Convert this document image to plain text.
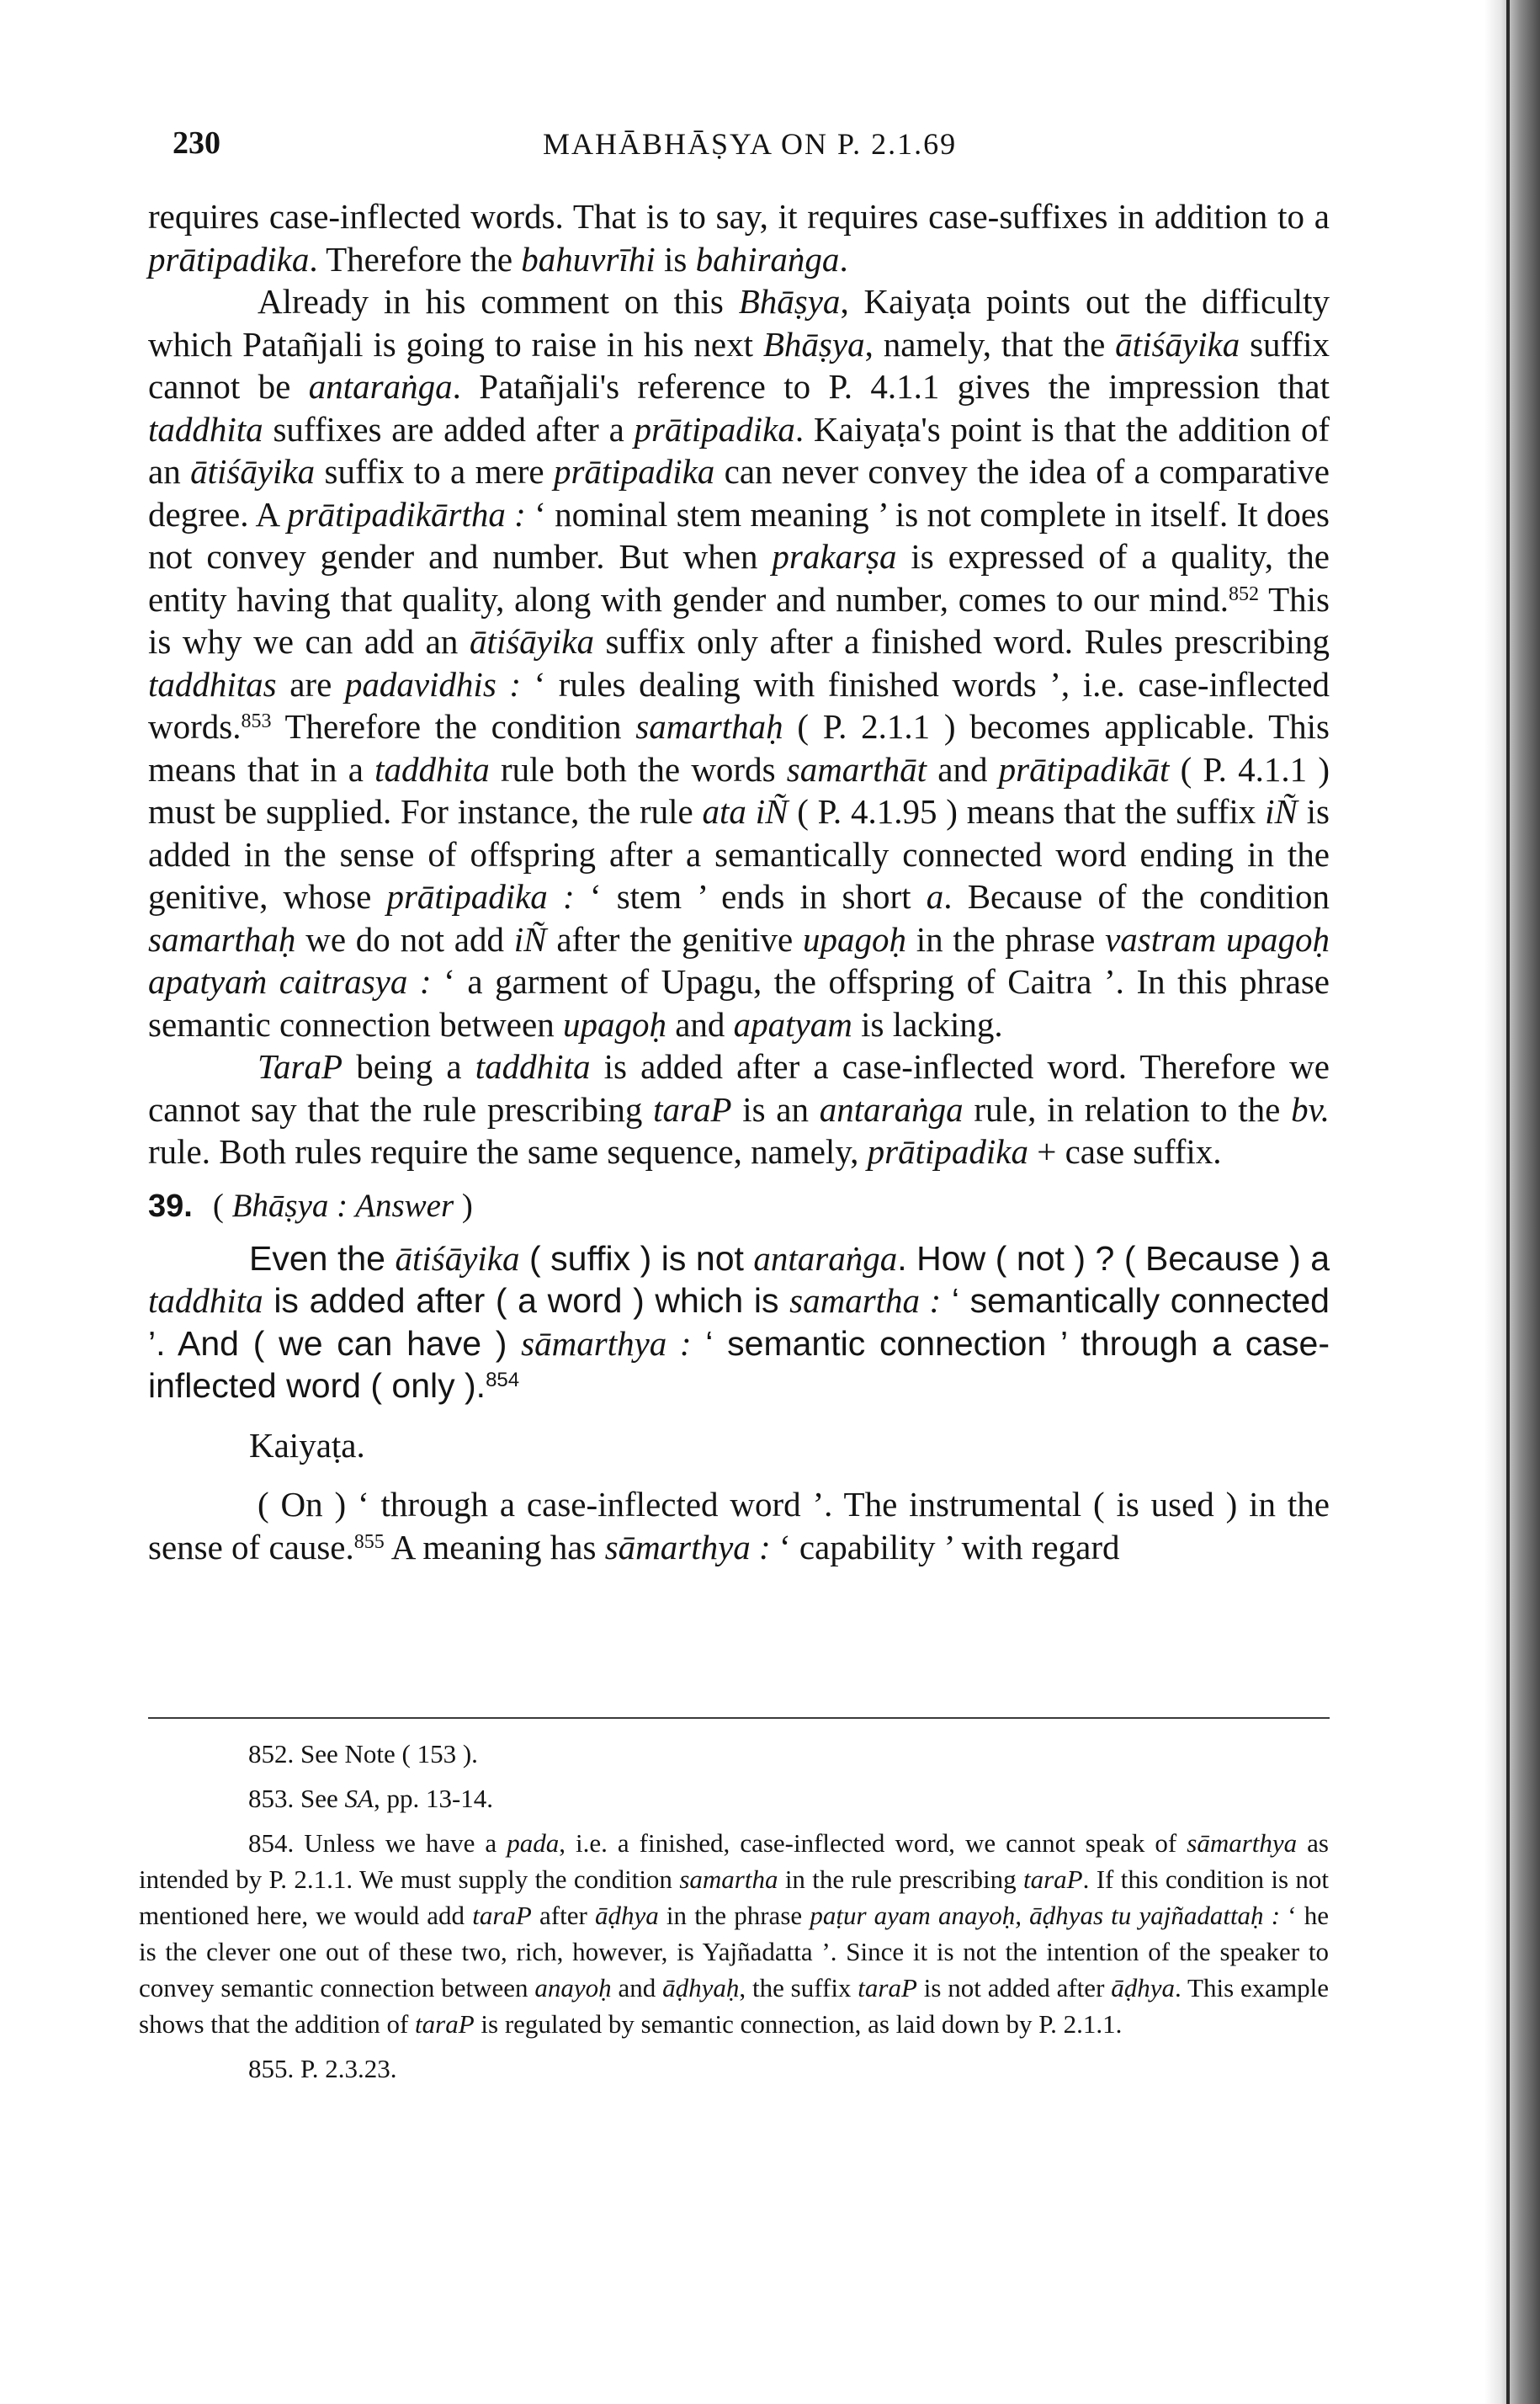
230	MAHĀBHĀṢYA ON P. 2.1.69

requires case-inflected words. That is to say, it requires case-suffixes in addition to a prātipadika. Therefore the bahuvrīhi is bahiraṅga.

Already in his comment on this Bhāṣya, Kaiyaṭa points out the difficulty which Patañjali is going to raise in his next Bhāṣya, namely, that the ātiśāyika suffix cannot be antaraṅga. Patañjali's reference to P. 4.1.1 gives the impression that taddhita suffixes are added after a prātipadika. Kaiyaṭa's point is that the addition of an ātiśāyika suffix to a mere prātipadika can never convey the idea of a comparative degree. A prātipadikārtha : ‘ nominal stem meaning ’ is not complete in itself. It does not convey gender and number. But when prakarṣa is expressed of a quality, the entity having that quality, along with gender and number, comes to our mind.$^{852}$ This is why we can add an ātiśāyika suffix only after a finished word. Rules prescribing taddhitas are padavidhis : ‘ rules dealing with finished words ’, i.e. case-inflected words.$^{853}$ Therefore the condition samarthaḥ ( P. 2.1.1 ) becomes applicable. This means that in a taddhita rule both the words samarthāt and prātipadikāt ( P. 4.1.1 ) must be supplied. For instance, the rule ata iÑ ( P. 4.1.95 ) means that the suffix iÑ is added in the sense of offspring after a semantically connected word ending in the genitive, whose prātipadika : ‘ stem ’ ends in short a. Because of the condition samarthaḥ we do not add iÑ after the genitive upagoḥ in the phrase vastram upagoḥ apatyaṁ caitrasya : ‘ a garment of Upagu, the offspring of Caitra ’. In this phrase semantic connection between upagoḥ and apatyam is lacking.

TaraP being a taddhita is added after a case-inflected word. Therefore we cannot say that the rule prescribing taraP is an antaraṅga rule, in relation to the bv. rule. Both rules require the same sequence, namely, prātipadika + case suffix.

39. ( Bhāṣya : Answer )

Even the ātiśāyika ( suffix ) is not antaraṅga. How ( not ) ? ( Because ) a taddhita is added after ( a word ) which is samartha : ‘ semantically connected ’. And ( we can have ) sāmarthya : ‘ semantic connection ’ through a case-inflected word ( only ).$^{854}$

Kaiyaṭa.

( On ) ‘ through a case-inflected word ’. The instrumental ( is used ) in the sense of cause.$^{855}$ A meaning has sāmarthya : ‘ capability ’ with regard

852. See Note ( 153 ).

853. See SA, pp. 13-14.

854. Unless we have a pada, i.e. a finished, case-inflected word, we cannot speak of sāmarthya as intended by P. 2.1.1. We must supply the condition samartha in the rule prescribing taraP. If this condition is not mentioned here, we would add taraP after āḍhya in the phrase paṭur ayam anayoḥ, āḍhyas tu yajñadattaḥ : ‘ he is the clever one out of these two, rich, however, is Yajñadatta ’. Since it is not the intention of the speaker to convey semantic connection between anayoḥ and āḍhyaḥ, the suffix taraP is not added after āḍhya. This example shows that the addition of taraP is regulated by semantic connection, as laid down by P. 2.1.1.

855. P. 2.3.23.
